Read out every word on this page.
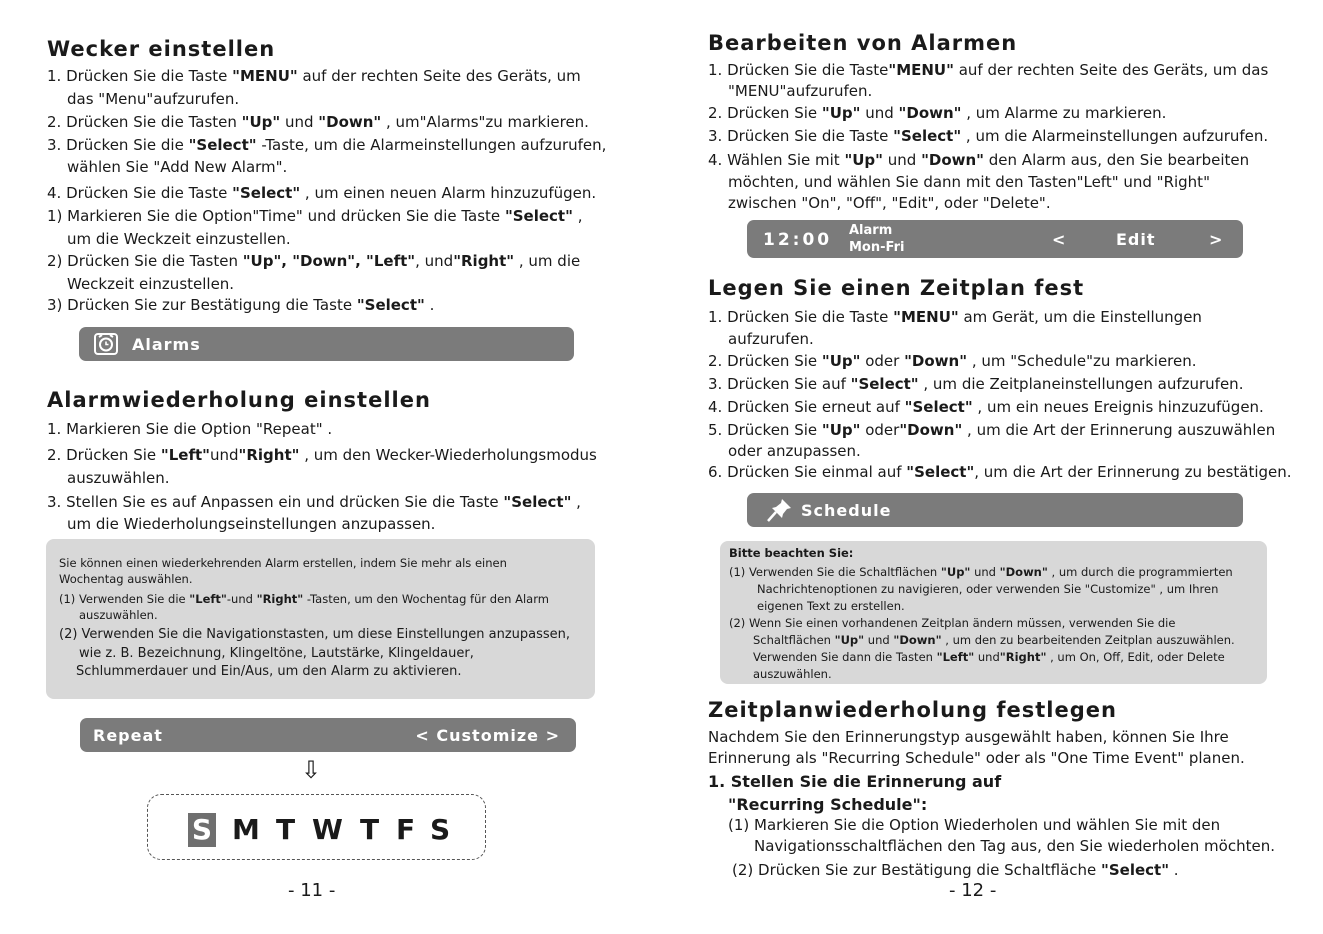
Wecker einstellen

1. Drücken Sie die Taste "MENU" auf der rechten Seite des Geräts, um

das "Menu"aufzurufen.

2. Drücken Sie die Tasten "Up" und "Down" , um"Alarms"zu markieren.

3. Drücken Sie die "Select" -Taste, um die Alarmeinstellungen aufzurufen,

wählen Sie "Add New Alarm".

4. Drücken Sie die Taste "Select" , um einen neuen Alarm hinzuzufügen.

1) Markieren Sie die Option"Time" und drücken Sie die Taste "Select" ,

um die Weckzeit einzustellen.

2) Drücken Sie die Tasten "Up", "Down", "Left", und"Right" , um die

Weckzeit einzustellen.

3) Drücken Sie zur Bestätigung die Taste "Select" .

Alarms
Alarmwiederholung einstellen

1. Markieren Sie die Option "Repeat" .

2. Drücken Sie "Left"und"Right" , um den Wecker-Wiederholungsmodus

auszuwählen.

3. Stellen Sie es auf Anpassen ein und drücken Sie die Taste "Select" ,

um die Wiederholungseinstellungen anzupassen.

Sie können einen wiederkehrenden Alarm erstellen, indem Sie mehr als einen
Wochentag auswählen.
(1) Verwenden Sie die "Left"-und "Right" -Tasten, um den Wochentag für den Alarm
auszuwählen.
(2) Verwenden Sie die Navigationstasten, um diese Einstellungen anzupassen,
wie z. B. Bezeichnung, Klingeltöne, Lautstärke, Klingeldauer,
Schlummerdauer und Ein/Aus, um den Alarm zu aktivieren.
Repeat	< Customize >
⇩
S M T W T F S
- 11 -
Bearbeiten von Alarmen

1. Drücken Sie die Taste"MENU" auf der rechten Seite des Geräts, um das

"MENU"aufzurufen.

2. Drücken Sie "Up" und "Down" , um Alarme zu markieren.

3. Drücken Sie die Taste "Select" , um die Alarmeinstellungen aufzurufen.

4. Wählen Sie mit "Up" und "Down" den Alarm aus, den Sie bearbeiten

möchten, und wählen Sie dann mit den Tasten"Left" und "Right"

zwischen "On", "Off", "Edit", oder "Delete".

12:00 Alarm
Mon-Fri	<	Edit	>
Legen Sie einen Zeitplan fest

1. Drücken Sie die Taste "MENU" am Gerät, um die Einstellungen

aufzurufen.

2. Drücken Sie "Up" oder "Down" , um "Schedule"zu markieren.

3. Drücken Sie auf "Select" , um die Zeitplaneinstellungen aufzurufen.

4. Drücken Sie erneut auf "Select" , um ein neues Ereignis hinzuzufügen.

5. Drücken Sie "Up" oder"Down" , um die Art der Erinnerung auszuwählen

oder anzupassen.

6. Drücken Sie einmal auf "Select", um die Art der Erinnerung zu bestätigen.

Schedule
Bitte beachten Sie:
(1) Verwenden Sie die Schaltflächen "Up" und "Down" , um durch die programmierten
Nachrichtenoptionen zu navigieren, oder verwenden Sie "Customize" , um Ihren
eigenen Text zu erstellen.
(2) Wenn Sie einen vorhandenen Zeitplan ändern müssen, verwenden Sie die
Schaltflächen "Up" und "Down" , um den zu bearbeitenden Zeitplan auszuwählen.
Verwenden Sie dann die Tasten "Left" und"Right" , um On, Off, Edit, oder Delete
auszuwählen.
Zeitplanwiederholung festlegen

Nachdem Sie den Erinnerungstyp ausgewählt haben, können Sie Ihre

Erinnerung als "Recurring Schedule" oder als "One Time Event" planen.

1. Stellen Sie die Erinnerung auf

"Recurring Schedule":

(1) Markieren Sie die Option Wiederholen und wählen Sie mit den

Navigationsschaltflächen den Tag aus, den Sie wiederholen möchten.

(2) Drücken Sie zur Bestätigung die Schaltfläche "Select" .

- 12 -
